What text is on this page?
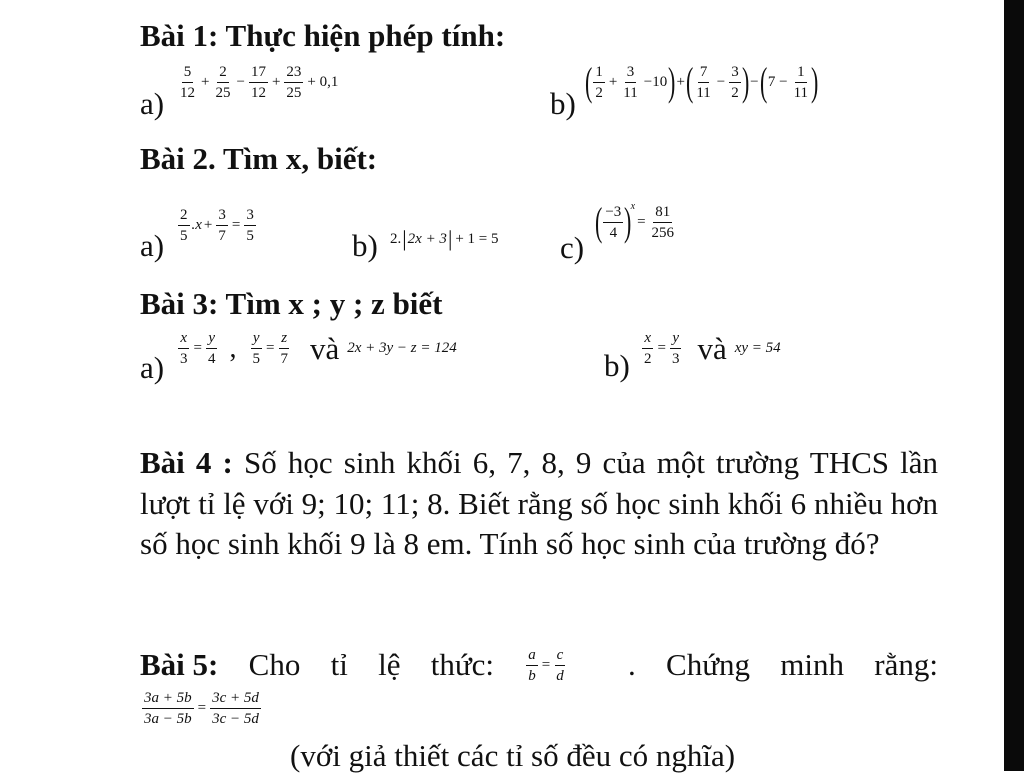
Bài 1: Thực hiện phép tính:
a)
$\frac{5}{12} + \frac{2}{25} - \frac{17}{12} + \frac{23}{25} + 0,1$
b) ( $\frac{1}{2} + \frac{3}{11} -10$ ) + ( $\frac{7}{11} - \frac{3}{2}$ ) − ( $7 - \frac{1}{11}$ )
Bài 2. Tìm x, biết:
a)
$\frac{2}{5} .x + \frac{3}{7} = \frac{3}{5}$
b) 2. | 2x + 3 | + 1 = 5 c)
( $\frac{-3}{4}$ )
x
= $\frac{81}{256}$
Bài 3: Tìm x ; y ; z biết
a)
$\frac{x}{3} = \frac{y}{4}$ , $\frac{y}{5} = \frac{z}{7}$ và 2x + 3y − z = 124	$b) \frac{x}{2} = \frac{y}{3}$ và xy = 54
Bài 4 : Số học sinh khối 6, 7, 8, 9 của một trường THCS lần lượt tỉ lệ với 9; 10; 11; 8. Biết rằng số học sinh khối 6 nhiều hơn số học sinh khối 9 là 8 em. Tính số học sinh của trường đó?
Bài 5: Cho tỉ lệ thức: $\frac{a}{b} = \frac{c}{d}$ . Chứng minh rằng:
$\frac{3a + 5b}{3a - 5b} = \frac{3c + 5d}{3c - 5d}$
(với giả thiết các tỉ số đều có nghĩa)
